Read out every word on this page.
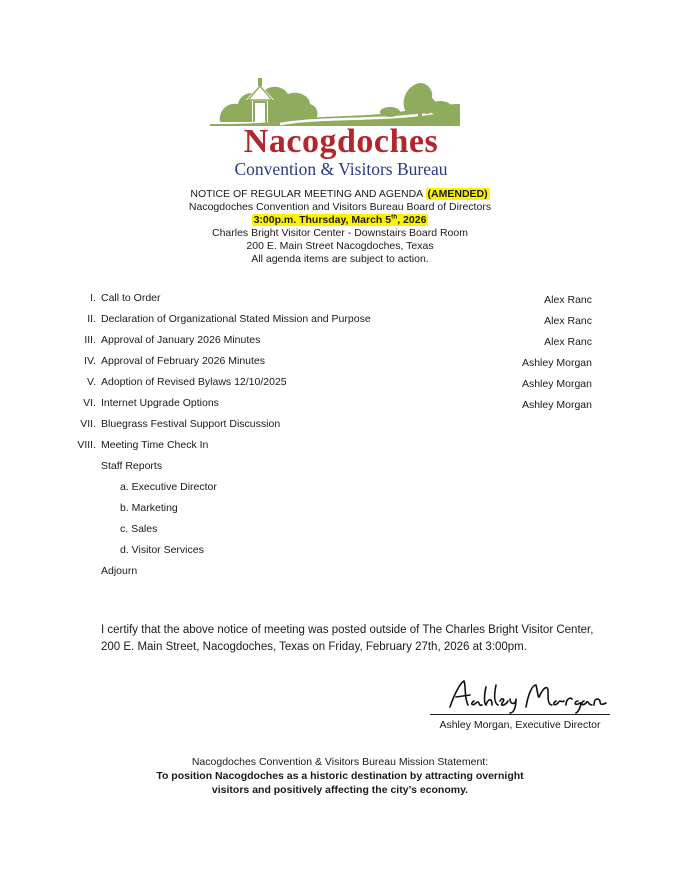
Nacogdoches
Convention & Visitors Bureau
NOTICE OF REGULAR MEETING AND AGENDA (AMENDED)
Nacogdoches Convention and Visitors Bureau Board of Directors
3:00p.m. Thursday, March 5th, 2026
Charles Bright Visitor Center - Downstairs Board Room
200 E. Main Street Nacogdoches, Texas
All agenda items are subject to action.
I. Call to Order	Alex Ranc
II. Declaration of Organizational Stated Mission and Purpose	Alex Ranc
III. Approval of January 2026 Minutes	Alex Ranc
IV. Approval of February 2026 Minutes	Ashley Morgan
V. Adoption of Revised Bylaws 12/10/2025	Ashley Morgan
VI. Internet Upgrade Options	Ashley Morgan
VII. Bluegrass Festival Support Discussion
VIII. Meeting Time Check In
Staff Reports
a. Executive Director
b. Marketing
c. Sales
d. Visitor Services
Adjourn
I certify that the above notice of meeting was posted outside of The Charles Bright Visitor Center, 200 E. Main Street, Nacogdoches, Texas on Friday, February 27th, 2026 at 3:00pm.
Ashley Morgan, Executive Director
Nacogdoches Convention & Visitors Bureau Mission Statement:
To position Nacogdoches as a historic destination by attracting overnight
visitors and positively affecting the city’s economy.
